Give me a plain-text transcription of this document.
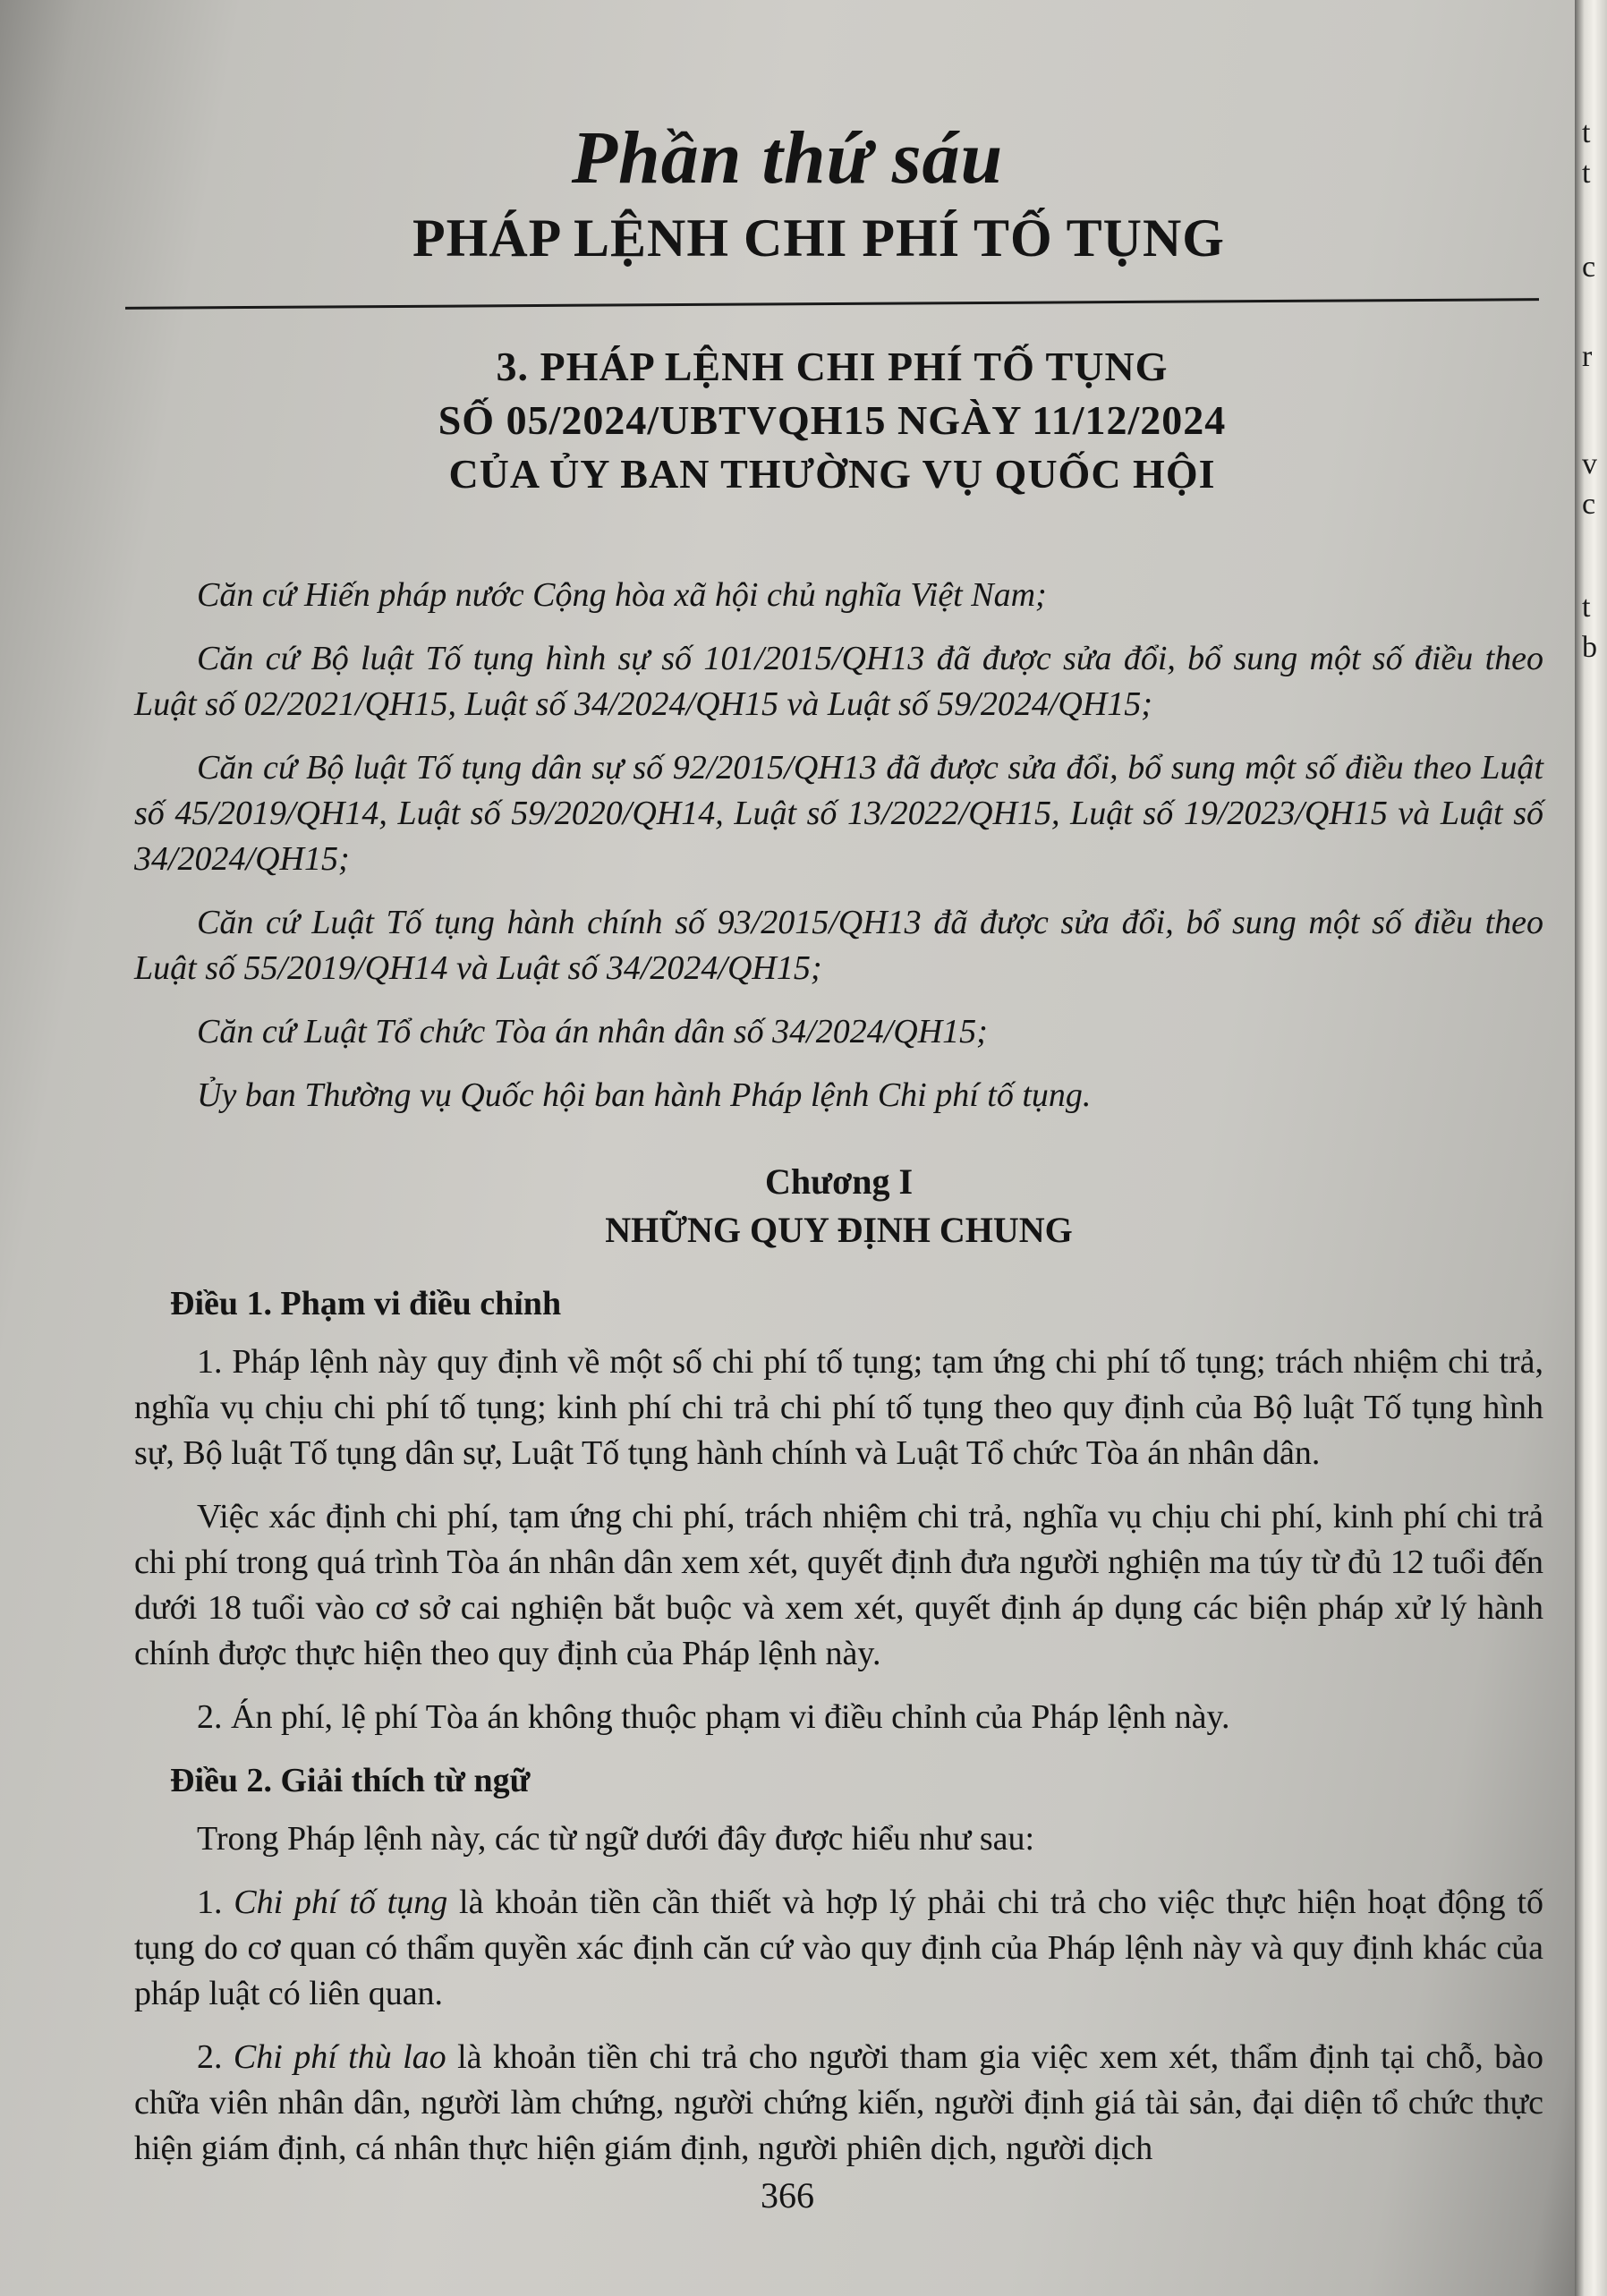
Phần thứ sáu
PHÁP LỆNH CHI PHÍ TỐ TỤNG
3. PHÁP LỆNH CHI PHÍ TỐ TỤNG
SỐ 05/2024/UBTVQH15 NGÀY 11/12/2024
CỦA ỦY BAN THƯỜNG VỤ QUỐC HỘI

Căn cứ Hiến pháp nước Cộng hòa xã hội chủ nghĩa Việt Nam;

Căn cứ Bộ luật Tố tụng hình sự số 101/2015/QH13 đã được sửa đổi, bổ sung một số điều theo Luật số 02/2021/QH15, Luật số 34/2024/QH15 và Luật số 59/2024/QH15;

Căn cứ Bộ luật Tố tụng dân sự số 92/2015/QH13 đã được sửa đổi, bổ sung một số điều theo Luật số 45/2019/QH14, Luật số 59/2020/QH14, Luật số 13/2022/QH15, Luật số 19/2023/QH15 và Luật số 34/2024/QH15;

Căn cứ Luật Tố tụng hành chính số 93/2015/QH13 đã được sửa đổi, bổ sung một số điều theo Luật số 55/2019/QH14 và Luật số 34/2024/QH15;

Căn cứ Luật Tổ chức Tòa án nhân dân số 34/2024/QH15;

Ủy ban Thường vụ Quốc hội ban hành Pháp lệnh Chi phí tố tụng.

Chương I
NHỮNG QUY ĐỊNH CHUNG

Điều 1. Phạm vi điều chỉnh

1. Pháp lệnh này quy định về một số chi phí tố tụng; tạm ứng chi phí tố tụng; trách nhiệm chi trả, nghĩa vụ chịu chi phí tố tụng; kinh phí chi trả chi phí tố tụng theo quy định của Bộ luật Tố tụng hình sự, Bộ luật Tố tụng dân sự, Luật Tố tụng hành chính và Luật Tổ chức Tòa án nhân dân.

Việc xác định chi phí, tạm ứng chi phí, trách nhiệm chi trả, nghĩa vụ chịu chi phí, kinh phí chi trả chi phí trong quá trình Tòa án nhân dân xem xét, quyết định đưa người nghiện ma túy từ đủ 12 tuổi đến dưới 18 tuổi vào cơ sở cai nghiện bắt buộc và xem xét, quyết định áp dụng các biện pháp xử lý hành chính được thực hiện theo quy định của Pháp lệnh này.

2. Án phí, lệ phí Tòa án không thuộc phạm vi điều chỉnh của Pháp lệnh này.

Điều 2. Giải thích từ ngữ

Trong Pháp lệnh này, các từ ngữ dưới đây được hiểu như sau:

1. Chi phí tố tụng là khoản tiền cần thiết và hợp lý phải chi trả cho việc thực hiện hoạt động tố tụng do cơ quan có thẩm quyền xác định căn cứ vào quy định của Pháp lệnh này và quy định khác của pháp luật có liên quan.

2. Chi phí thù lao là khoản tiền chi trả cho người tham gia việc xem xét, thẩm định tại chỗ, bào chữa viên nhân dân, người làm chứng, người chứng kiến, người định giá tài sản, đại diện tổ chức thực hiện giám định, cá nhân thực hiện giám định, người phiên dịch, người dịch

366
t
t
c
r
v
c
t
b
